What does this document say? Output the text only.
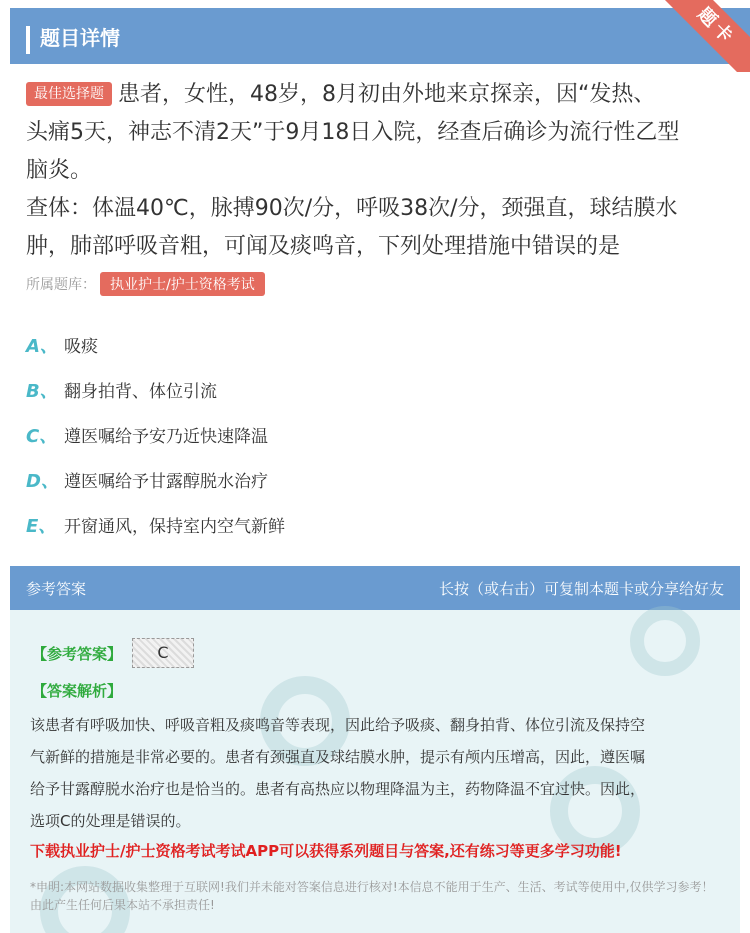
题目详情	题卡
最佳选择题 患者，女性，48岁，8月初由外地来京探亲，因“发热、
头痛5天，神志不清2天”于9月18日入院，经查后确诊为流行性乙型
脑炎。
查体：体温40℃，脉搏90次/分，呼吸38次/分，颈强直，球结膜水
肿，肺部呼吸音粗，可闻及痰鸣音，下列处理措施中错误的是
所属题库：	执业护士/护士资格考试
A、 吸痰
B、 翻身拍背、体位引流
C、 遵医嘱给予安乃近快速降温
D、 遵医嘱给予甘露醇脱水治疗
E、 开窗通风，保持室内空气新鲜
参考答案	长按（或右击）可复制本题卡或分享给好友
【参考答案】	C
【答案解析】
该患者有呼吸加快、呼吸音粗及痰鸣音等表现，因此给予吸痰、翻身拍背、体位引流及保持空
气新鲜的措施是非常必要的。患者有颈强直及球结膜水肿，提示有颅内压增高，因此，遵医嘱
给予甘露醇脱水治疗也是恰当的。患者有高热应以物理降温为主，药物降温不宜过快。因此，
选项C的处理是错误的。
下载执业护士/护士资格考试考试APP可以获得系列题目与答案,还有练习等更多学习功能!
*申明:本网站数据收集整理于互联网!我们并未能对答案信息进行核对!本信息不能用于生产、生活、考试等使用中,仅供学习参考！由此产生任何后果本站不承担责任!
